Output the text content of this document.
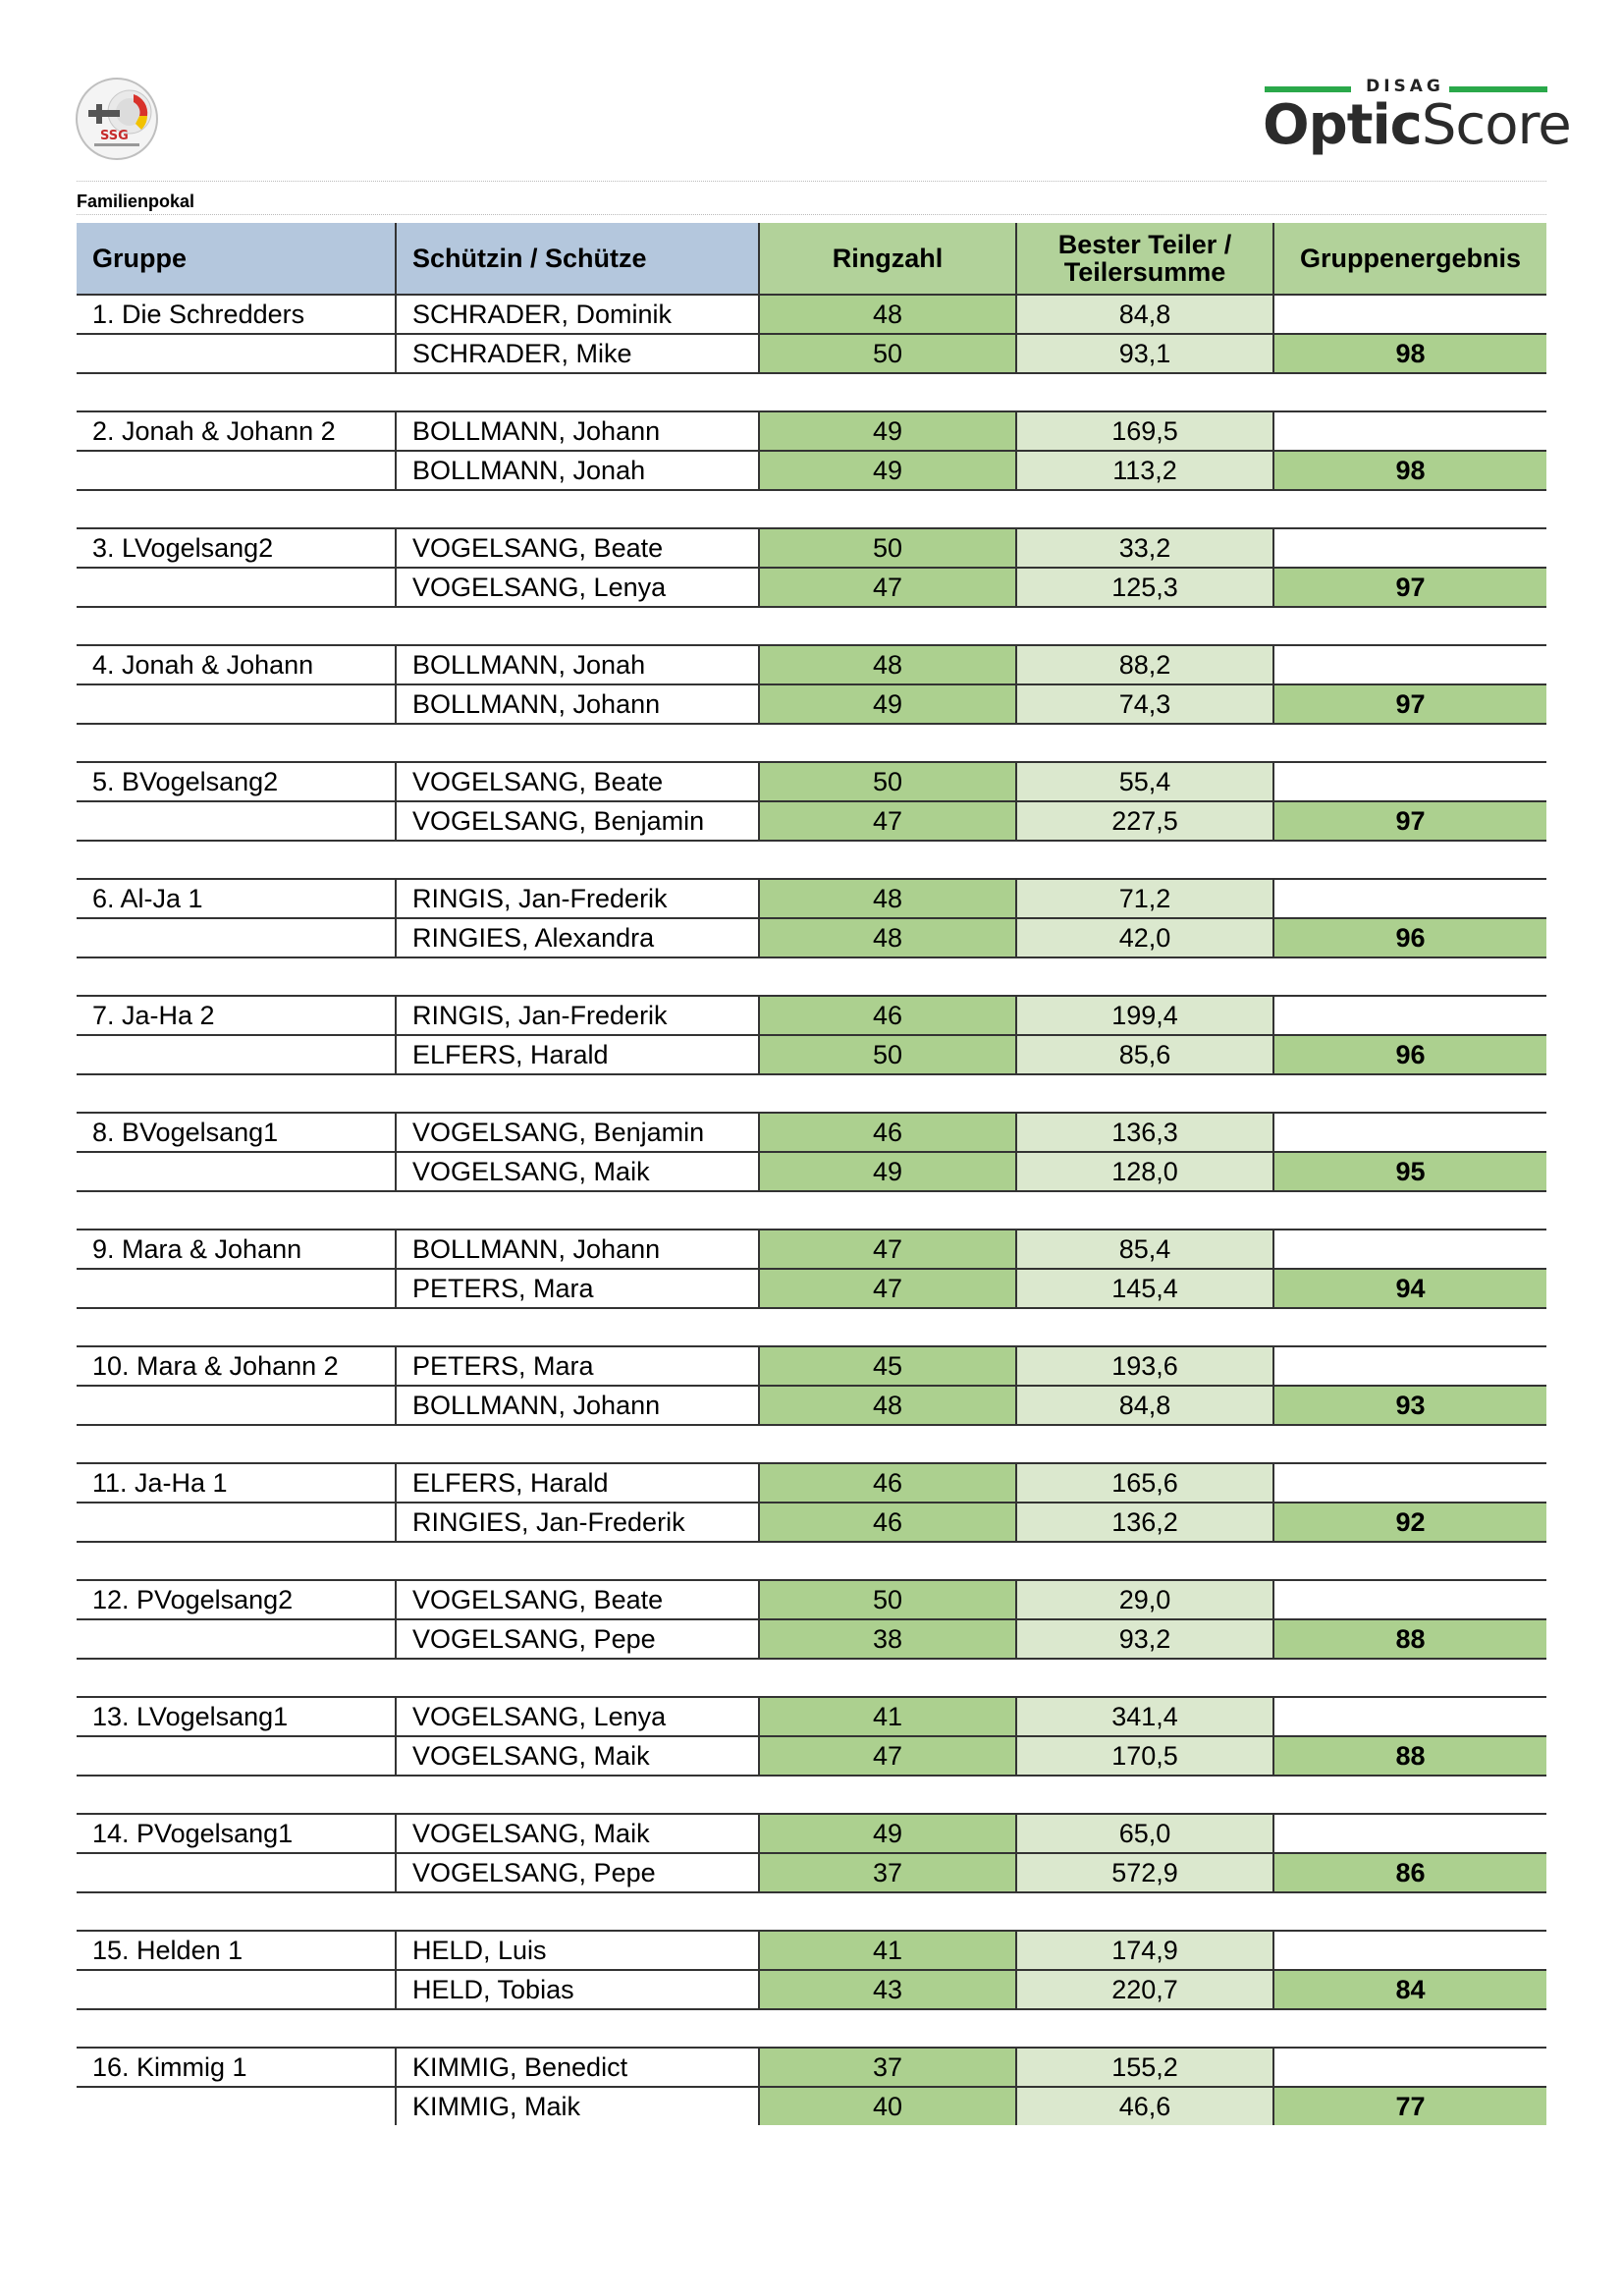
SSG
DISAG
OpticScore
Familienpokal
Gruppe	Schützin / Schütze	Ringzahl	Bester Teiler /
Teilersumme	Gruppenergebnis
1. Die Schredders	SCHRADER, Dominik	48	84,8	
	SCHRADER, Mike	50	93,1	98

2. Jonah & Johann 2	BOLLMANN, Johann	49	169,5	
	BOLLMANN, Jonah	49	113,2	98

3. LVogelsang2	VOGELSANG, Beate	50	33,2	
	VOGELSANG, Lenya	47	125,3	97

4. Jonah & Johann	BOLLMANN, Jonah	48	88,2	
	BOLLMANN, Johann	49	74,3	97

5. BVogelsang2	VOGELSANG, Beate	50	55,4	
	VOGELSANG, Benjamin	47	227,5	97

6. Al-Ja 1	RINGIS, Jan-Frederik	48	71,2	
	RINGIES, Alexandra	48	42,0	96

7. Ja-Ha 2	RINGIS, Jan-Frederik	46	199,4	
	ELFERS, Harald	50	85,6	96

8. BVogelsang1	VOGELSANG, Benjamin	46	136,3	
	VOGELSANG, Maik	49	128,0	95

9. Mara & Johann	BOLLMANN, Johann	47	85,4	
	PETERS, Mara	47	145,4	94

10. Mara & Johann 2	PETERS, Mara	45	193,6	
	BOLLMANN, Johann	48	84,8	93

11. Ja-Ha 1	ELFERS, Harald	46	165,6	
	RINGIES, Jan-Frederik	46	136,2	92

12. PVogelsang2	VOGELSANG, Beate	50	29,0	
	VOGELSANG, Pepe	38	93,2	88

13. LVogelsang1	VOGELSANG, Lenya	41	341,4	
	VOGELSANG, Maik	47	170,5	88

14. PVogelsang1	VOGELSANG, Maik	49	65,0	
	VOGELSANG, Pepe	37	572,9	86

15. Helden 1	HELD, Luis	41	174,9	
	HELD, Tobias	43	220,7	84

16. Kimmig 1	KIMMIG, Benedict	37	155,2	
	KIMMIG, Maik	40	46,6	77
